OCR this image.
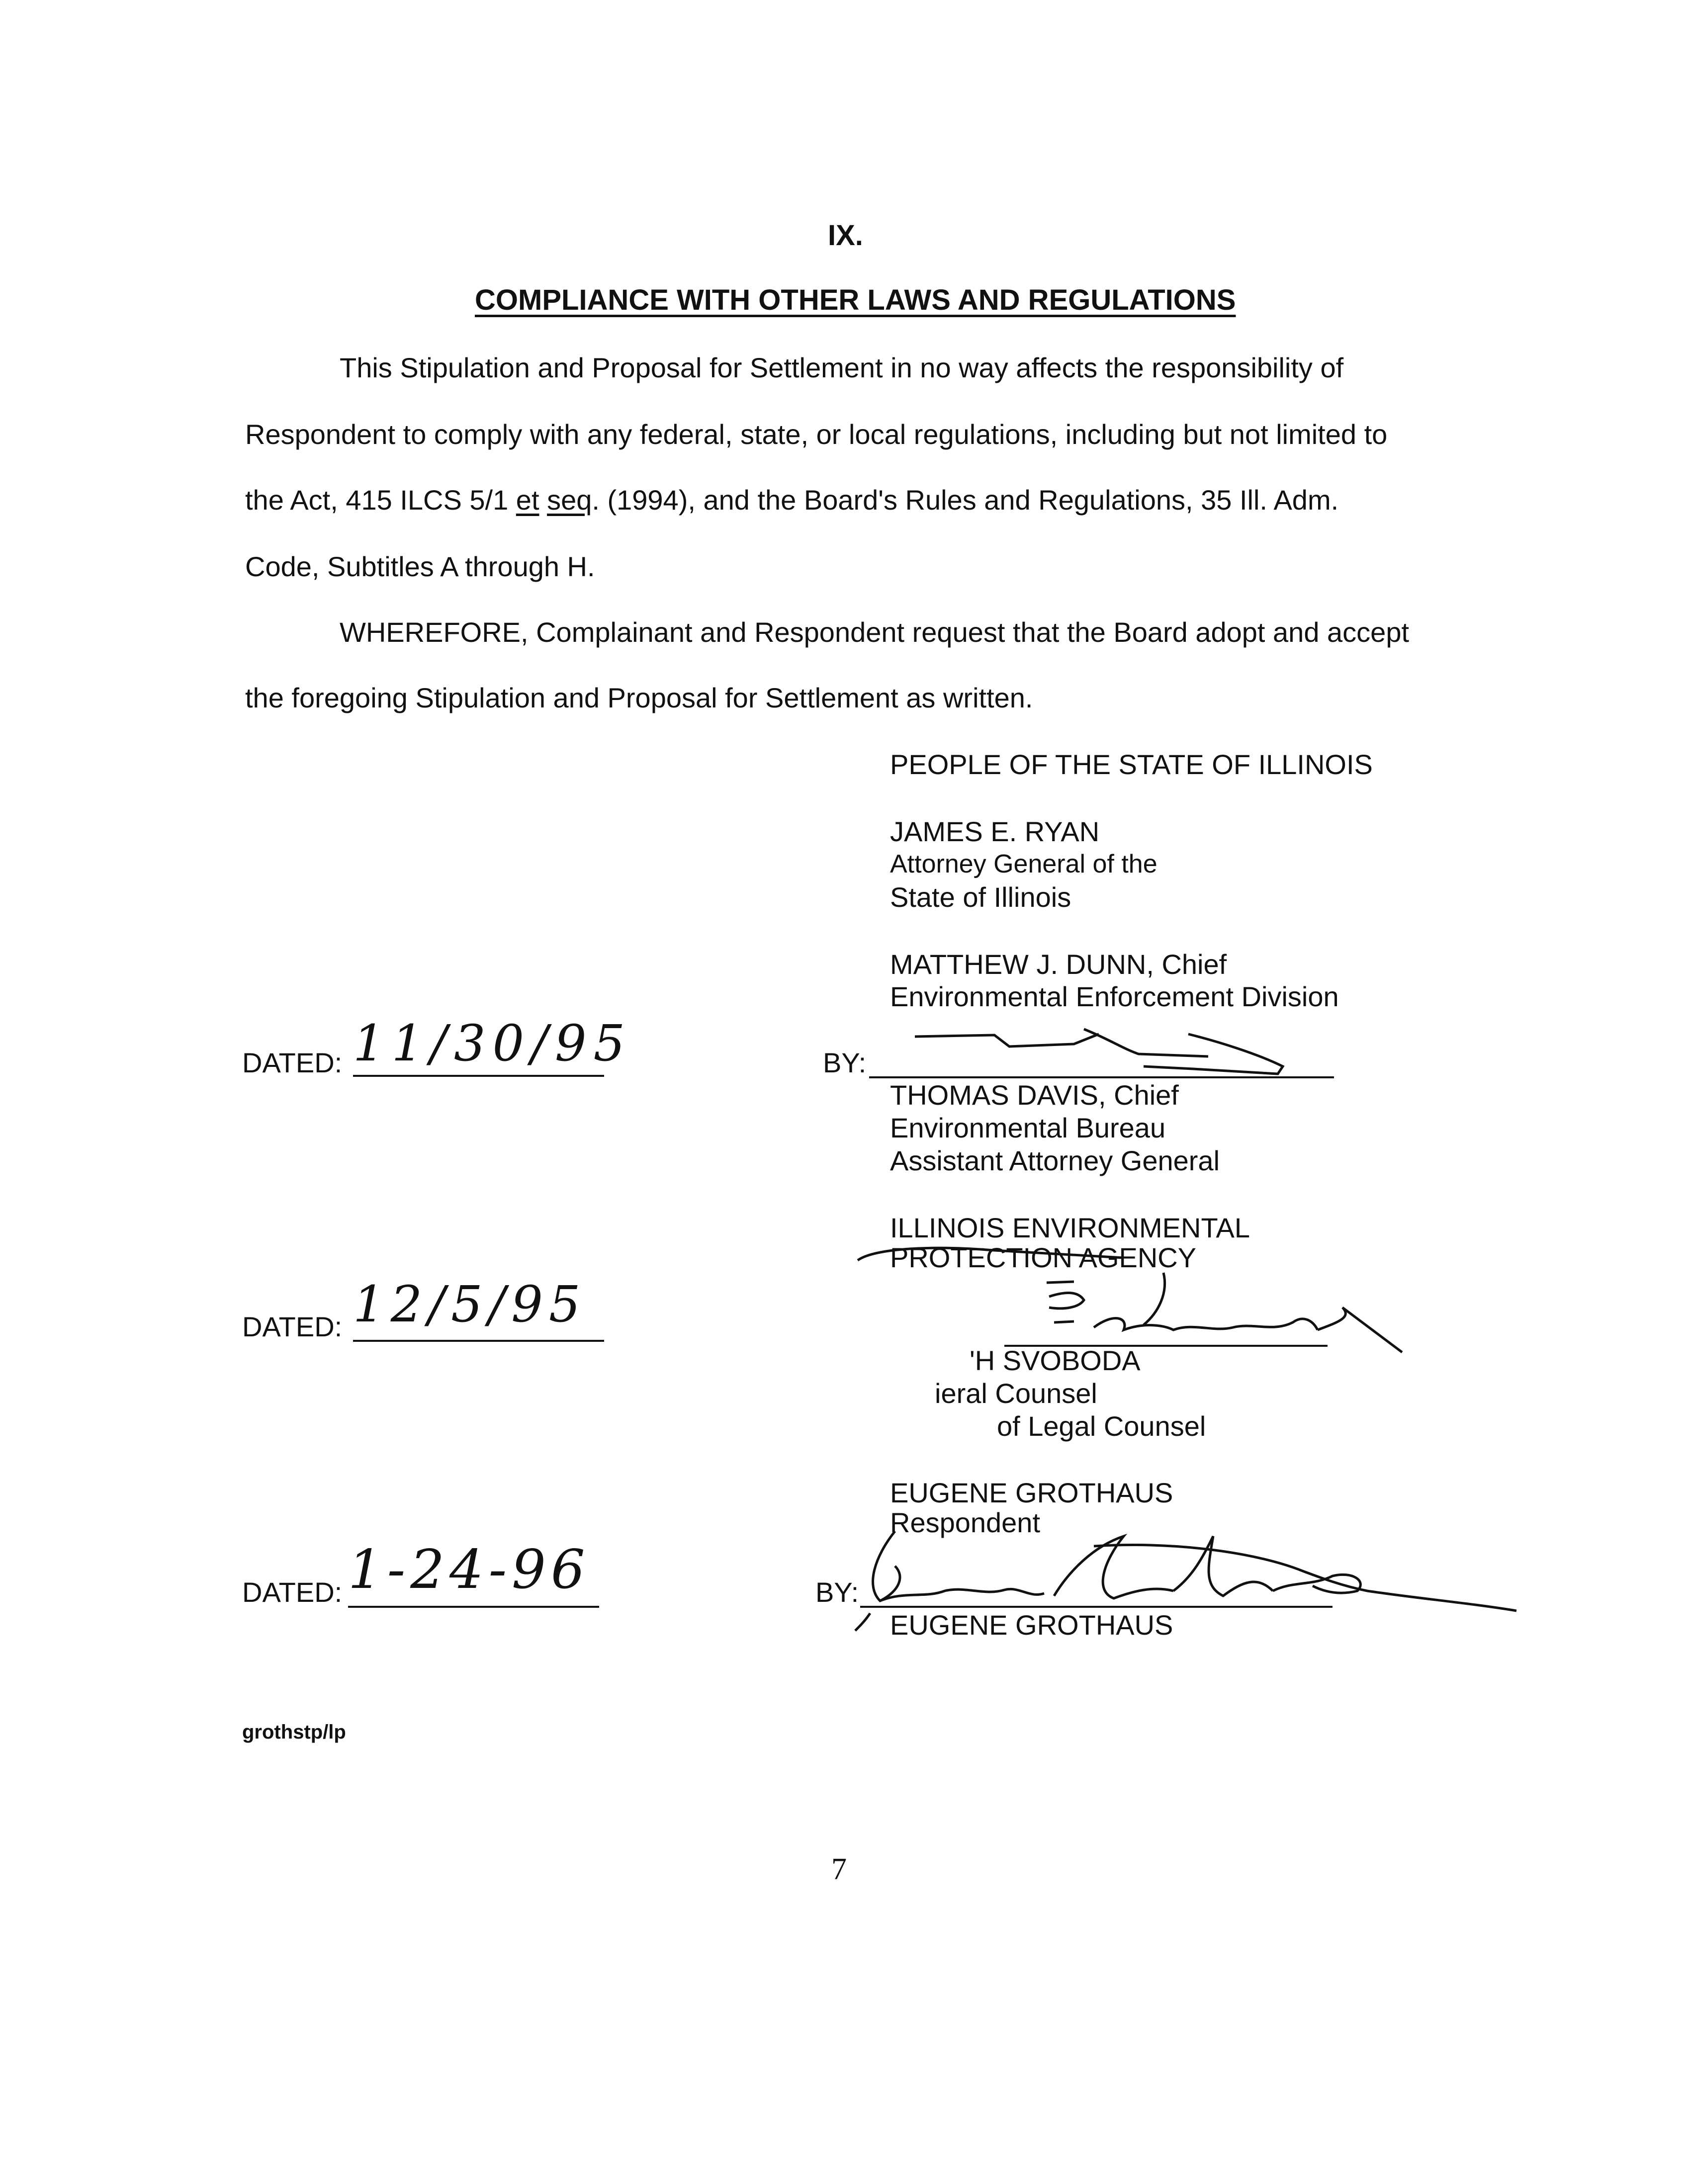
IX.
COMPLIANCE WITH OTHER LAWS AND REGULATIONS
This Stipulation and Proposal for Settlement in no way affects the responsibility of
Respondent to comply with any federal, state, or local regulations, including but not limited to
the Act, 415 ILCS 5/1 et seq. (1994), and the Board's Rules and Regulations, 35 Ill. Adm.
Code, Subtitles A through H.
WHEREFORE, Complainant and Respondent request that the Board adopt and accept
the foregoing Stipulation and Proposal for Settlement as written.
PEOPLE OF THE STATE OF ILLINOIS
JAMES E. RYAN
Attorney General of the
State of Illinois
MATTHEW J. DUNN, Chief
Environmental Enforcement Division
BY:
THOMAS DAVIS, Chief
Environmental Bureau
Assistant Attorney General
ILLINOIS ENVIRONMENTAL
PROTECTION AGENCY
'H SVOBODA
ieral Counsel
of Legal Counsel
EUGENE GROTHAUS
Respondent
BY:
EUGENE GROTHAUS
DATED: 11/30/95
DATED: 12/5/95
DATED: 1-24-96
grothstp/lp
7
